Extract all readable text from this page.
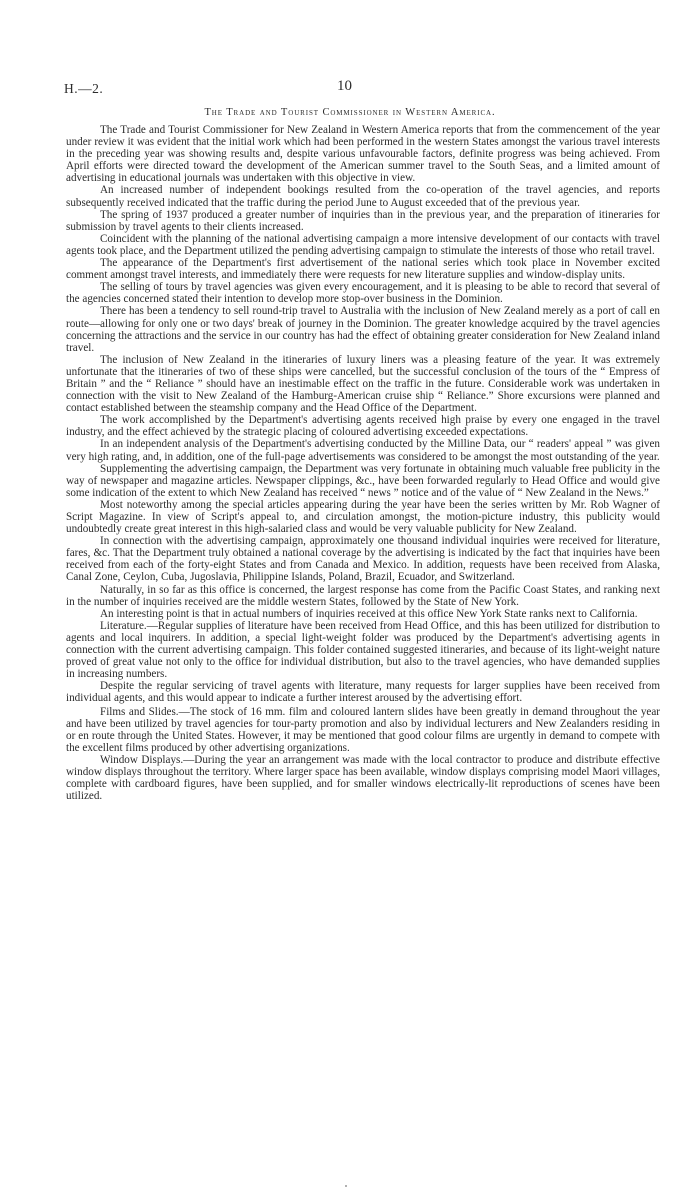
H.—2.	10
The Trade and Tourist Commissioner in Western America.

The Trade and Tourist Commissioner for New Zealand in Western America reports that from the commencement of the year under review it was evident that the initial work which had been performed in the western States amongst the various travel interests in the preceding year was showing results and, despite various unfavourable factors, definite progress was being achieved. From April efforts were directed toward the development of the American summer travel to the South Seas, and a limited amount of advertising in educational journals was undertaken with this objective in view.

An increased number of independent bookings resulted from the co-operation of the travel agencies, and reports subsequently received indicated that the traffic during the period June to August exceeded that of the previous year.

The spring of 1937 produced a greater number of inquiries than in the previous year, and the preparation of itineraries for submission by travel agents to their clients increased.

Coincident with the planning of the national advertising campaign a more intensive development of our contacts with travel agents took place, and the Department utilized the pending advertising campaign to stimulate the interests of those who retail travel.

The appearance of the Department's first advertisement of the national series which took place in November excited comment amongst travel interests, and immediately there were requests for new literature supplies and window-display units.

The selling of tours by travel agencies was given every encouragement, and it is pleasing to be able to record that several of the agencies concerned stated their intention to develop more stop-over business in the Dominion.

There has been a tendency to sell round-trip travel to Australia with the inclusion of New Zealand merely as a port of call en route—allowing for only one or two days' break of journey in the Dominion. The greater knowledge acquired by the travel agencies concerning the attractions and the service in our country has had the effect of obtaining greater consideration for New Zealand inland travel.

The inclusion of New Zealand in the itineraries of luxury liners was a pleasing feature of the year. It was extremely unfortunate that the itineraries of two of these ships were cancelled, but the successful conclusion of the tours of the “ Empress of Britain ” and the “ Reliance ” should have an inestimable effect on the traffic in the future. Considerable work was undertaken in connection with the visit to New Zealand of the Hamburg-American cruise ship “ Reliance.” Shore excursions were planned and contact established between the steamship company and the Head Office of the Department.

The work accomplished by the Department's advertising agents received high praise by every one engaged in the travel industry, and the effect achieved by the strategic placing of coloured advertising exceeded expectations.

In an independent analysis of the Department's advertising conducted by the Milline Data, our “ readers' appeal ” was given very high rating, and, in addition, one of the full-page advertisements was considered to be amongst the most outstanding of the year.

Supplementing the advertising campaign, the Department was very fortunate in obtaining much valuable free publicity in the way of newspaper and magazine articles. Newspaper clippings, &c., have been forwarded regularly to Head Office and would give some indication of the extent to which New Zealand has received “ news ” notice and of the value of “ New Zealand in the News.”

Most noteworthy among the special articles appearing during the year have been the series written by Mr. Rob Wagner of Script Magazine. In view of Script's appeal to, and circulation amongst, the motion-picture industry, this publicity would undoubtedly create great interest in this high-salaried class and would be very valuable publicity for New Zealand.

In connection with the advertising campaign, approximately one thousand individual inquiries were received for literature, fares, &c. That the Department truly obtained a national coverage by the advertising is indicated by the fact that inquiries have been received from each of the forty-eight States and from Canada and Mexico. In addition, requests have been received from Alaska, Canal Zone, Ceylon, Cuba, Jugoslavia, Philippine Islands, Poland, Brazil, Ecuador, and Switzerland.

Naturally, in so far as this office is concerned, the largest response has come from the Pacific Coast States, and ranking next in the number of inquiries received are the middle western States, followed by the State of New York.

An interesting point is that in actual numbers of inquiries received at this office New York State ranks next to California.

Literature.—Regular supplies of literature have been received from Head Office, and this has been utilized for distribution to agents and local inquirers. In addition, a special light-weight folder was produced by the Department's advertising agents in connection with the current advertising campaign. This folder contained suggested itineraries, and because of its light-weight nature proved of great value not only to the office for individual distribution, but also to the travel agencies, who have demanded supplies in increasing numbers.

Despite the regular servicing of travel agents with literature, many requests for larger supplies have been received from individual agents, and this would appear to indicate a further interest aroused by the advertising effort.

Films and Slides.—The stock of 16 mm. film and coloured lantern slides have been greatly in demand throughout the year and have been utilized by travel agencies for tour-party promotion and also by individual lecturers and New Zealanders residing in or en route through the United States. However, it may be mentioned that good colour films are urgently in demand to compete with the excellent films produced by other advertising organizations.

Window Displays.—During the year an arrangement was made with the local contractor to produce and distribute effective window displays throughout the territory. Where larger space has been available, window displays comprising model Maori villages, complete with cardboard figures, have been supplied, and for smaller windows electrically-lit reproductions of scenes have been utilized.
